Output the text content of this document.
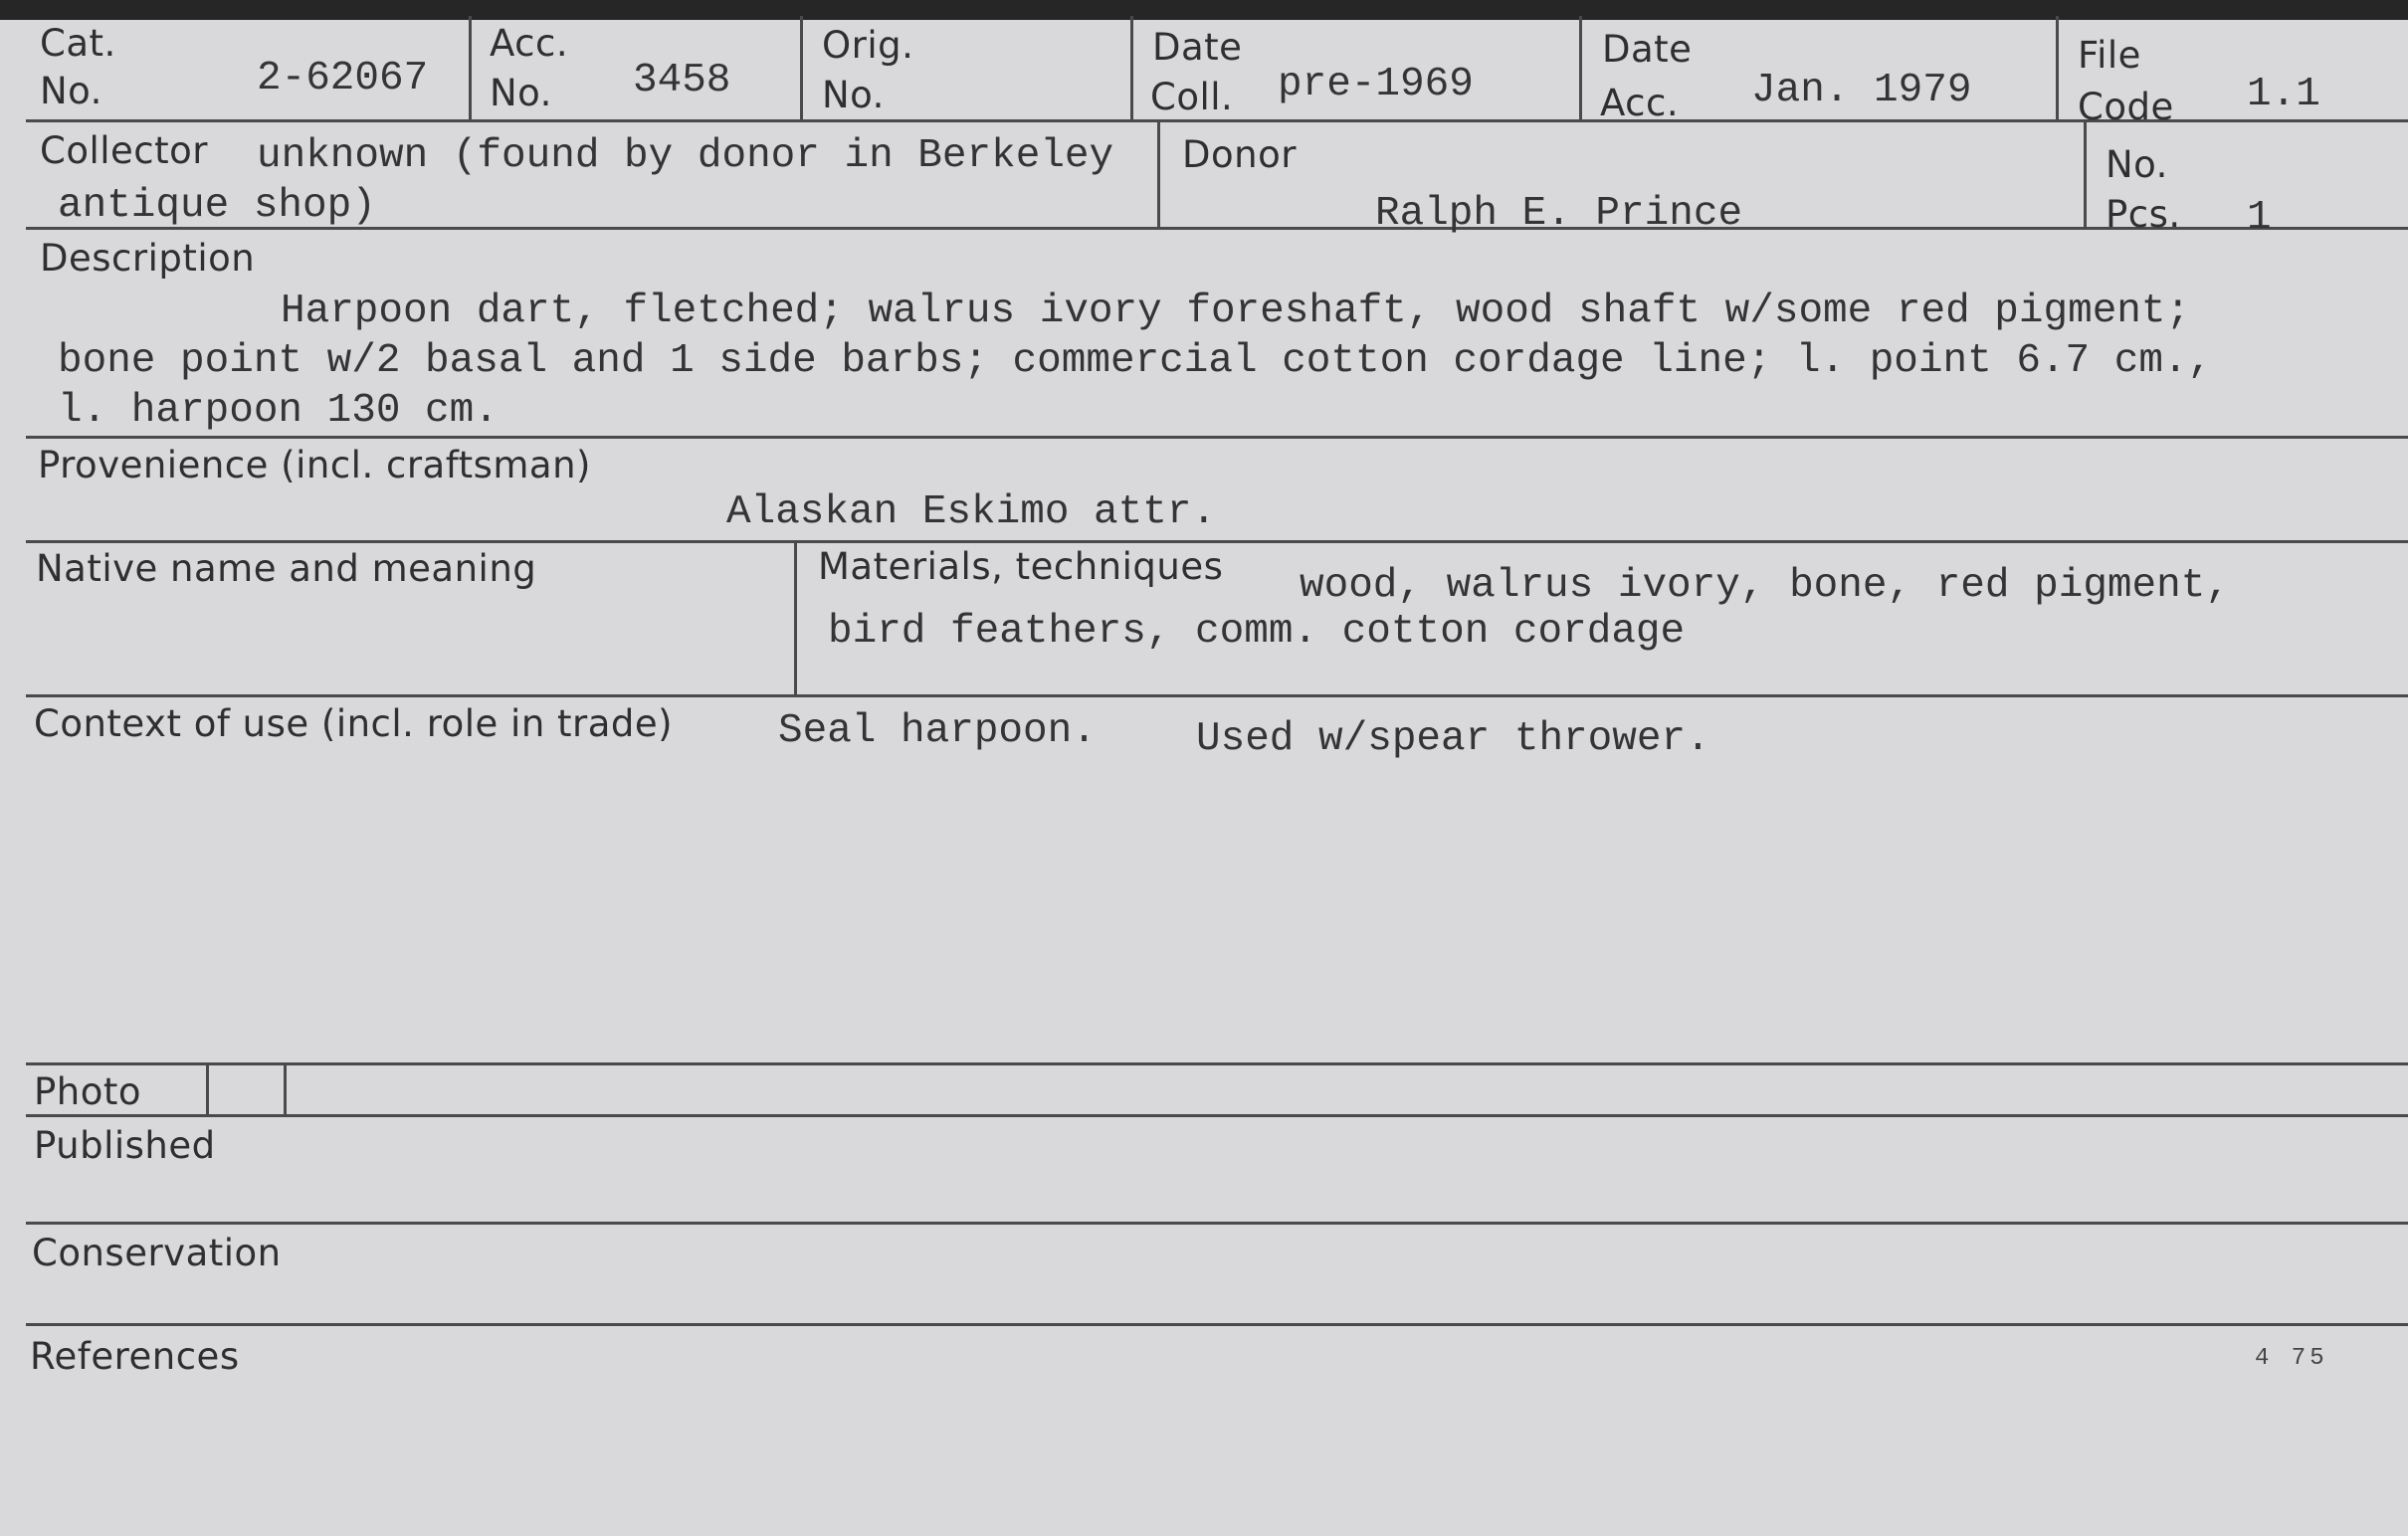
Cat.
No.	2-62067
Acc.
No. 3458
Orig.
No.
Date
Coll. pre-1969
Date
Acc. Jan. 1979
File
Code 1.1
Collector unknown (found by donor in Berkeley
antique shop)
Donor
Ralph E. Prince
No.
Pcs. 1
Description
Harpoon dart, fletched; walrus ivory foreshaft, wood shaft w/some red pigment;
bone point w/2 basal and 1 side barbs; commercial cotton cordage line; l. point 6.7 cm.,
l. harpoon 130 cm.
Provenience (incl. craftsman)
Alaskan Eskimo attr.
Native name and meaning	Materials, techniques wood, walrus ivory, bone, red pigment,
bird feathers, comm. cotton cordage
Context of use (incl. role in trade)	Seal harpoon. Used w/spear thrower.
Photo
Published
Conservation
References	4 75
